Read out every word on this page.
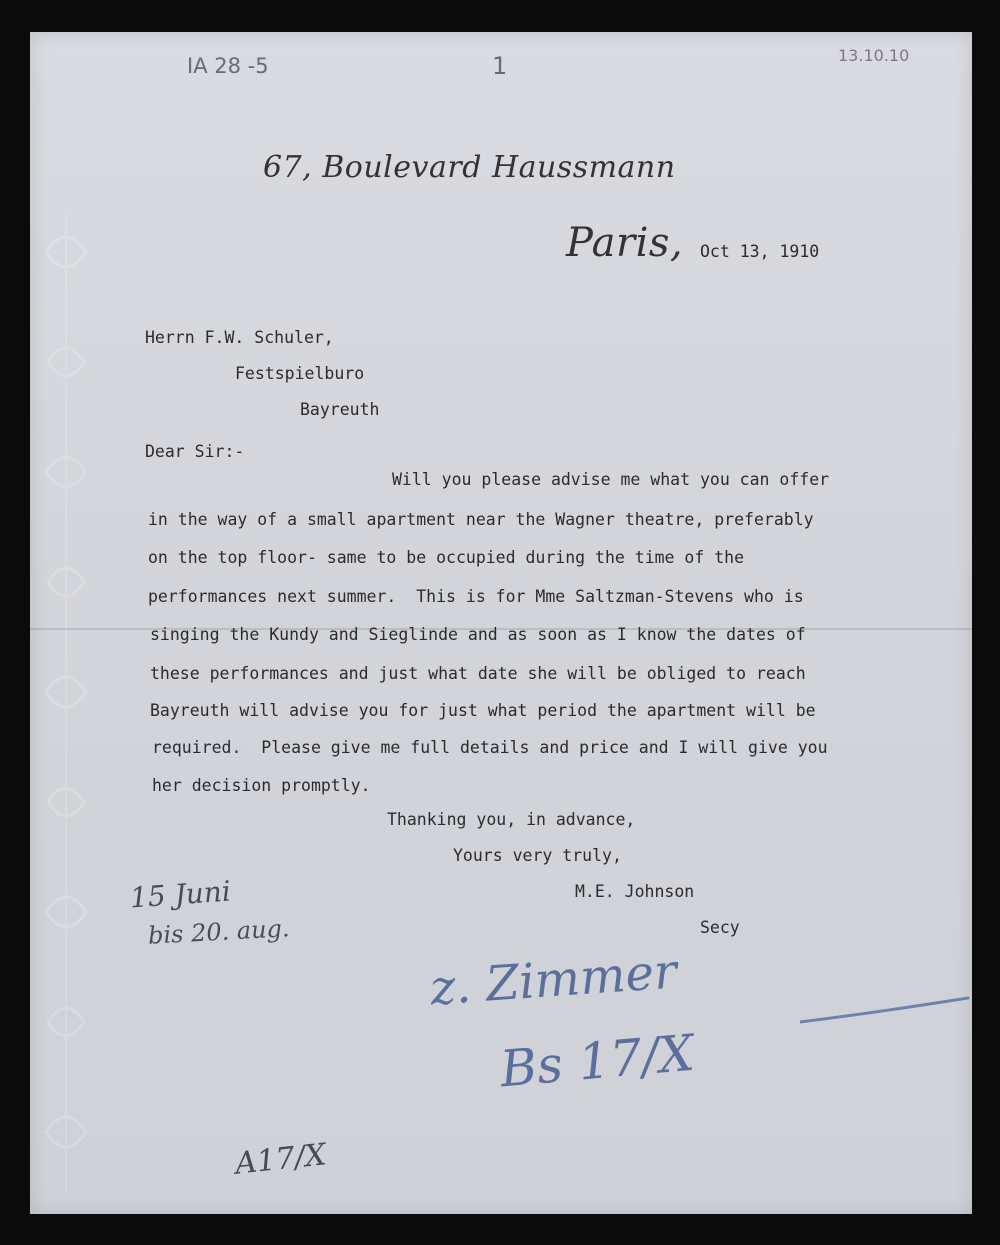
IA 28 -5	1	13.10.10
67, Boulevard Haussmann
Paris, Oct 13, 1910
Herrn F.W. Schuler,
Festspielburo
Bayreuth
Dear Sir:-
Will you please advise me what you can offer
in the way of a small apartment near the Wagner theatre, preferably
on the top floor- same to be occupied during the time of the
performances next summer.  This is for Mme Saltzman-Stevens who is
singing the Kundy and Sieglinde and as soon as I know the dates of
these performances and just what date she will be obliged to reach
Bayreuth will advise you for just what period the apartment will be
required.  Please give me full details and price and I will give you
her decision promptly.
Thanking you, in advance,
Yours very truly,
M.E. Johnson
Secy
15 Juni
bis 20. aug.
z. Zimmer
Bs 17/X
A17/X
